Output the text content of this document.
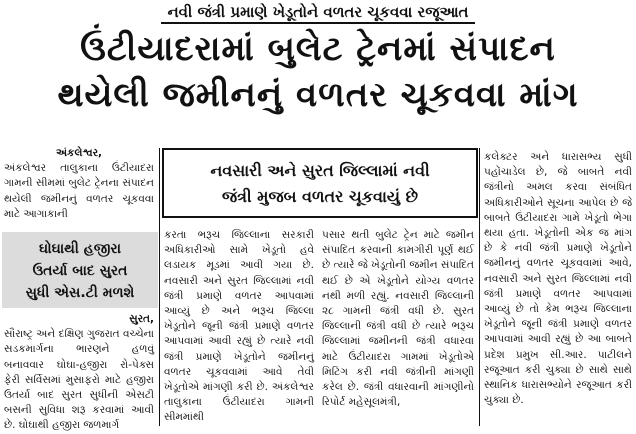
નવી જંત્રી પ્રમાણે ખેડૂતોને વળતર ચૂકવવા રજૂઆત
ઉંટીયાદરામાં બુલેટ ટ્રેનમાં સંપાદન
થયેલી જમીનનું વળતર ચૂકવવા માંગ

અંકલેશ્વર,

અંકલેશ્વર તાલુકાના ઉંટીયાદરા ગામની સીમમાં બુલેટ ટ્રેનના સંપાદન થયેલી જમીનનું વળતર ચૂકવવા માટે આગાકાની

ઘોઘાથી હજીરા
ઉતર્યા બાદ સુરત
સુધી એસ.ટી મળશે

સુરત,

સૌરાષ્ટ્ર અને દક્ષિણ ગુજરાત વચ્ચેના સડકમાર્ગના ભારણને હળવું બનાવવાર ઘોઘા-હજીરા રો-પેક્સ ફેરી સર્વિસમાં મુસાફરો માટે હજીરા ઉતર્યા બાદ સુરત સુધીની એસટી બસની સુવિધા શરૂ કરવામાં આવી છે. ઘોઘાથી હજીરા જળમાર્ગ

નવસારી અને સુરત જિલ્લામાં નવી
જંત્રી મુજબ વળતર ચૂકવાયું છે

કરતા ભરૂચ જિલ્લાના સરકારી અધિકારીઓ સામે ખેડૂતો હવે લડાયક મૂડમાં આવી ગયા છે. નવસારી અને સુરત જિલ્લામાં નવી જંત્રી પ્રમાણે વળતર આપવામાં આવ્યું છે અને ભરૂચ જિલ્લા ખેડૂતોને જૂની જંત્રી પ્રમાણે વળતર આપવામાં આવી રહ્યું છે ત્યારે નવી જંત્રી પ્રમાણે ખેડૂતોને જમીનનું વળતર ચૂકવવામાં આવે તેવી ખેડૂતોએ માંગણી કરી છે. અંકલેશ્વર તાલુકાના ઉંટીયાદરા ગામની સીમમાંથી

પસાર થતી બુલેટ ટ્રેન માટે જમીન સંપાદિત કરવાની કામગીરી પૂર્ણ થઈ છે ત્યારે જે ખેડૂતોની જમીન સંપાદિત થઈ છે એ ખેડૂતોને યોગ્ય વળતર નથી મળી રહ્યું. નવસારી જિલ્લાની ૨૮ ગામની જંત્રી વધી છે. સુરત જિલ્લાની જંત્રી વધી છે ત્યારે ભરૂચ જિલ્લામાં જમીનની જંત્રી વધારવા માટે ઉંટીયાદરા ગામમાં ખેડૂતોએ મિટિંગ કરી નવી જંત્રીની માંગણી કરેલ છે. જંત્રી વધારવાની માંગણીનો રિપોર્ટ મહેસૂલમંત્રી,

કલેક્ટર અને ધારાસભ્ય સુધી પહોંચાડેલ છે, જે બાબતે નવી જંત્રીનો અમલ કરવા સંબંધિત અધિકારીઓને સૂચના આપેલ છે જે બાબતે ઉંટીયાદરા ગામે ખેડૂતો ભેગા થયા હતા. ખેડૂતોની એક જ માંગ છે કે નવી જંત્રી પ્રમાણે ખેડૂતોને જમીનનું વળતર ચૂકવવામાં આવે, નવસારી અને સુરત જિલ્લામાં નવી જંત્રી પ્રમાણે વળતર આપવામાં આવ્યું છે તો કેમ ભરૂચ જિલ્લાના ખેડૂતોને જૂની જંત્રી પ્રમાણે વળતર આપવામાં આવી રહ્યું છે આ બાબતે પ્રદેશ પ્રમુખ સી.આર. પાટીલને રજૂઆત કરી ચુક્યા છે સાથે સાથે સ્થાનિક ધારાસભ્યોને રજૂઆત કરી ચુક્યા છે.
